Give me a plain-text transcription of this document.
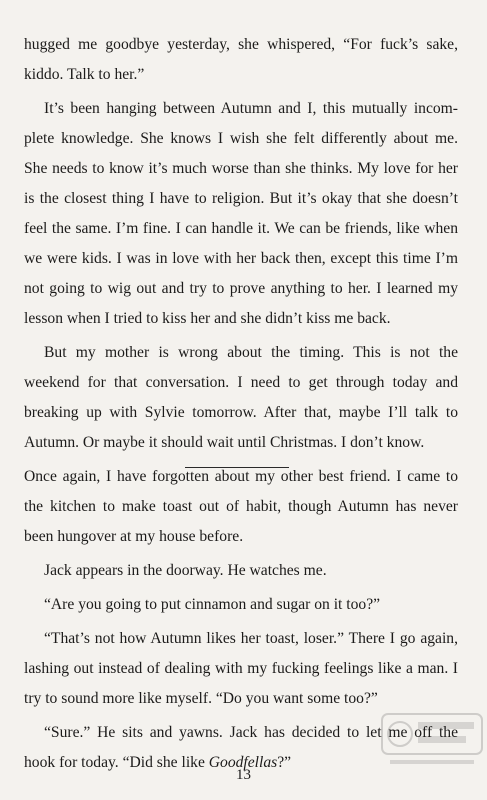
hugged me goodbye yesterday, she whispered, “For fuck’s sake,
kiddo. Talk to her.”
It’s been hanging between Autumn and I, this mutually incom-
plete knowledge. She knows I wish she felt differently about me.
She needs to know it’s much worse than she thinks. My love for her
is the closest thing I have to religion. But it’s okay that she doesn’t
feel the same. I’m fine. I can handle it. We can be friends, like when
we were kids. I was in love with her back then, except this time I’m
not going to wig out and try to prove anything to her. I learned my
lesson when I tried to kiss her and she didn’t kiss me back.
But my mother is wrong about the timing. This is not the
weekend for that conversation. I need to get through today and
breaking up with Sylvie tomorrow. After that, maybe I’ll talk to
Autumn. Or maybe it should wait until Christmas. I don’t know.
Once again, I have forgotten about my other best friend. I came to
the kitchen to make toast out of habit, though Autumn has never
been hungover at my house before.
Jack appears in the doorway. He watches me.
“Are you going to put cinnamon and sugar on it too?”
“That’s not how Autumn likes her toast, loser.” There I go again,
lashing out instead of dealing with my fucking feelings like a man. I
try to sound more like myself. “Do you want some too?”
13
“Sure.” He sits and yawns. Jack has decided to let me off the
hook for today. “Did she like Goodfellas?”
